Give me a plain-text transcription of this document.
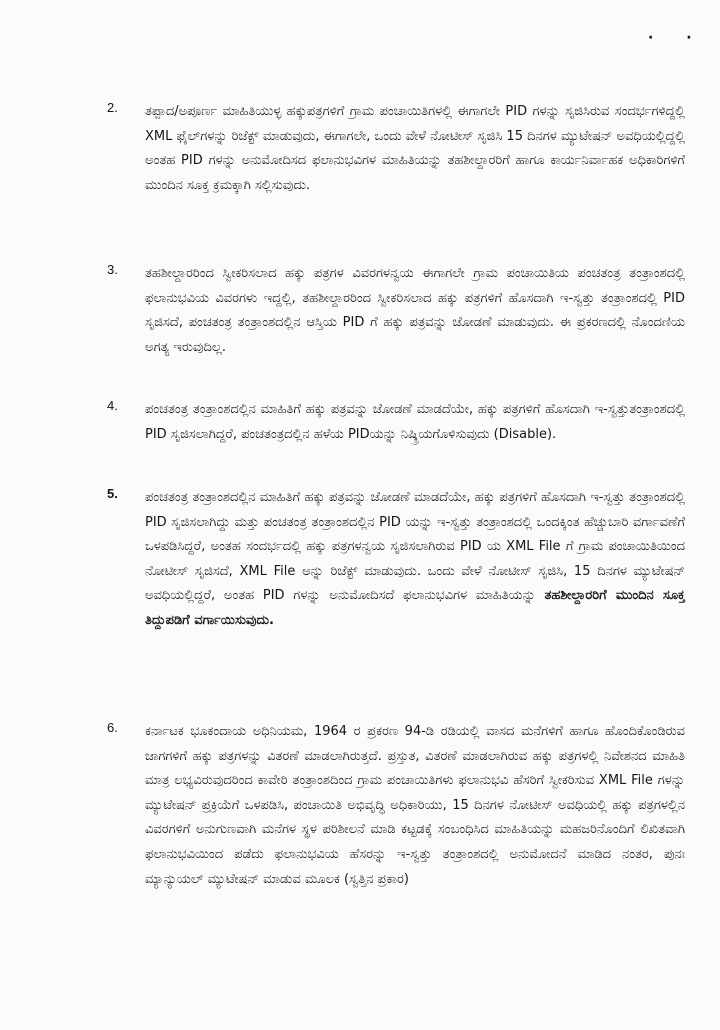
· ·
2. ತಪ್ಪಾದ/ಅಪೂರ್ಣ ಮಾಹಿತಿಯುಳ್ಳ ಹಕ್ಕುಪತ್ರಗಳಿಗೆ ಗ್ರಾಮ ಪಂಚಾಯಿತಿಗಳಲ್ಲಿ ಈಗಾಗಲೇ PID ಗಳನ್ನು ಸೃಜಿಸಿರುವ ಸಂದರ್ಭಗಳಿದ್ದಲ್ಲಿ XML ಫೈಲ್‌ಗಳನ್ನು ರಿಜೆಕ್ಟ್ ಮಾಡುವುದು, ಈಗಾಗಲೇ, ಒಂದು ವೇಳೆ ನೋಟೀಸ್ ಸೃಜಿಸಿ 15 ದಿನಗಳ ಮ್ಯುಟೇಷನ್ ಅವಧಿಯಲ್ಲಿದ್ದಲ್ಲಿ ಅಂತಹ PID ಗಳನ್ನು ಅನುಮೋದಿಸದ ಫಲಾನುಭವಿಗಳ ಮಾಹಿತಿಯನ್ನು ತಹಶೀಲ್ದಾರರಿಗೆ ಹಾಗೂ ಕಾರ್ಯನಿರ್ವಾಹಕ ಅಧಿಕಾರಿಗಳಿಗೆ ಮುಂದಿನ ಸೂಕ್ತ ಕ್ರಮಕ್ಕಾಗಿ ಸಲ್ಲಿಸುವುದು.
3. ತಹಶೀಲ್ದಾರರಿಂದ ಸ್ವೀಕರಿಸಲಾದ ಹಕ್ಕು ಪತ್ರಗಳ ವಿವರಗಳನ್ವಯ ಈಗಾಗಲೇ ಗ್ರಾಮ ಪಂಚಾಯಿತಿಯ ಪಂಚತಂತ್ರ ತಂತ್ರಾಂಶದಲ್ಲಿ ಫಲಾನುಭವಿಯ ವಿವರಗಳು ಇದ್ದಲ್ಲಿ, ತಹಶೀಲ್ದಾರರಿಂದ ಸ್ವೀಕರಿಸಲಾದ ಹಕ್ಕು ಪತ್ರಗಳಿಗೆ ಹೊಸದಾಗಿ ಇ-ಸ್ವತ್ತು ತಂತ್ರಾಂಶದಲ್ಲಿ PID ಸೃಜಿಸದೆ, ಪಂಚತಂತ್ರ ತಂತ್ರಾಂಶದಲ್ಲಿನ ಆಸ್ತಿಯ PID ಗೆ ಹಕ್ಕು ಪತ್ರವನ್ನು ಜೋಡಣೆ ಮಾಡುವುದು. ಈ ಪ್ರಕರಣದಲ್ಲಿ ನೊಂದಣಿಯ ಅಗತ್ಯ ಇರುವುದಿಲ್ಲ.
4. ಪಂಚತಂತ್ರ ತಂತ್ರಾಂಶದಲ್ಲಿನ ಮಾಹಿತಿಗೆ ಹಕ್ಕು ಪತ್ರವನ್ನು ಜೋಡಣೆ ಮಾಡದೆಯೇ, ಹಕ್ಕು ಪತ್ರಗಳಿಗೆ ಹೊಸದಾಗಿ ಇ-ಸ್ವತ್ತುತಂತ್ರಾಂಶದಲ್ಲಿ PID ಸೃಜಿಸಲಾಗಿದ್ದರೆ, ಪಂಚತಂತ್ರದಲ್ಲಿನ ಹಳೆಯ PIDಯನ್ನು ನಿಷ್ಕ್ರಿಯಗೊಳಿಸುವುದು (Disable).
5. ಪಂಚತಂತ್ರ ತಂತ್ರಾಂಶದಲ್ಲಿನ ಮಾಹಿತಿಗೆ ಹಕ್ಕು ಪತ್ರವನ್ನು ಜೋಡಣೆ ಮಾಡದೆಯೇ, ಹಕ್ಕು ಪತ್ರಗಳಿಗೆ ಹೊಸದಾಗಿ ಇ-ಸ್ವತ್ತು ತಂತ್ರಾಂಶದಲ್ಲಿ PID ಸೃಜಿಸಲಾಗಿದ್ದು ಮತ್ತು ಪಂಚತಂತ್ರ ತಂತ್ರಾಂಶದಲ್ಲಿನ PID ಯನ್ನು ಇ-ಸ್ವತ್ತು ತಂತ್ರಾಂಶದಲ್ಲಿ ಒಂದಕ್ಕಿಂತ ಹೆಚ್ಚುಬಾರಿ ವರ್ಗಾವಣೆಗೆ ಒಳಪಡಿಸಿದ್ದರೆ, ಅಂತಹ ಸಂದರ್ಭದಲ್ಲಿ ಹಕ್ಕು ಪತ್ರಗಳನ್ವಯ ಸೃಜಿಸಲಾಗಿರುವ PID ಯ XML File ಗೆ ಗ್ರಾಮ ಪಂಚಾಯಿತಿಯಿಂದ ನೋಟೀಸ್ ಸೃಜಿಸದೆ, XML File ಅನ್ನು ರಿಜೆಕ್ಟ್ ಮಾಡುವುದು. ಒಂದು ವೇಳೆ ನೋಟೀಸ್ ಸೃಜಿಸಿ, 15 ದಿನಗಳ ಮ್ಯುಟೇಷನ್ ಅವಧಿಯಲ್ಲಿದ್ದರೆ, ಅಂತಹ PID ಗಳನ್ನು ಅನುಮೋದಿಸದೆ ಫಲಾನುಭವಿಗಳ ಮಾಹಿತಿಯನ್ನು ತಹಶೀಲ್ದಾರರಿಗೆ ಮುಂದಿನ ಸೂಕ್ತ ತಿದ್ದುಪಡಿಗೆ ವರ್ಗಾಯಿಸುವುದು.
6. ಕರ್ನಾಟಕ ಭೂಕಂದಾಯ ಅಧಿನಿಯಮ, 1964 ರ ಪ್ರಕರಣ 94-ಡಿ ರಡಿಯಲ್ಲಿ ವಾಸದ ಮನೆಗಳಿಗೆ ಹಾಗೂ ಹೊಂದಿಕೊಂಡಿರುವ ಜಾಗಗಳಿಗೆ ಹಕ್ಕು ಪತ್ರಗಳನ್ನು ವಿತರಣೆ ಮಾಡಲಾಗಿರುತ್ತದೆ. ಪ್ರಸ್ತುತ, ವಿತರಣೆ ಮಾಡಲಾಗಿರುವ ಹಕ್ಕು ಪತ್ರಗಳಲ್ಲಿ ನಿವೇಶನದ ಮಾಹಿತಿ ಮಾತ್ರ ಲಭ್ಯವಿರುವುದರಿಂದ ಕಾವೇರಿ ತಂತ್ರಾಂಶದಿಂದ ಗ್ರಾಮ ಪಂಚಾಯಿತಿಗಳು ಫಲಾನುಭವಿ ಹೆಸರಿಗೆ ಸ್ವೀಕರಿಸುವ XML File ಗಳನ್ನು ಮ್ಯುಟೇಷನ್ ಪ್ರಕ್ರಿಯೆಗೆ ಒಳಪಡಿಸಿ, ಪಂಚಾಯಿತಿ ಅಭಿವೃದ್ಧಿ ಅಧಿಕಾರಿಯು, 15 ದಿನಗಳ ನೋಟೀಸ್ ಅವಧಿಯಲ್ಲಿ ಹಕ್ಕು ಪತ್ರಗಳಲ್ಲಿನ ವಿವರಗಳಿಗೆ ಅನುಗುಣವಾಗಿ ಮನೆಗಳ ಸ್ಥಳ ಪರಿಶೀಲನೆ ಮಾಡಿ ಕಟ್ಟಡಕ್ಕೆ ಸಂಬಂಧಿಸಿದ ಮಾಹಿತಿಯನ್ನು ಮಹಜರಿನೊಂದಿಗೆ ಲಿಖಿತವಾಗಿ ಫಲಾನುಭವಿಯಿಂದ ಪಡೆದು ಫಲಾನುಭವಿಯ ಹೆಸರನ್ನು ಇ-ಸ್ವತ್ತು ತಂತ್ರಾಂಶದಲ್ಲಿ ಅನುಮೋದನೆ ಮಾಡಿದ ನಂತರ, ಪುನಃ ಮ್ಯಾನ್ಯುಯಲ್ ಮ್ಯುಟೇಷನ್ ಮಾಡುವ ಮೂಲಕ (ಸ್ವತ್ತಿನ ಪ್ರಕಾರ)
